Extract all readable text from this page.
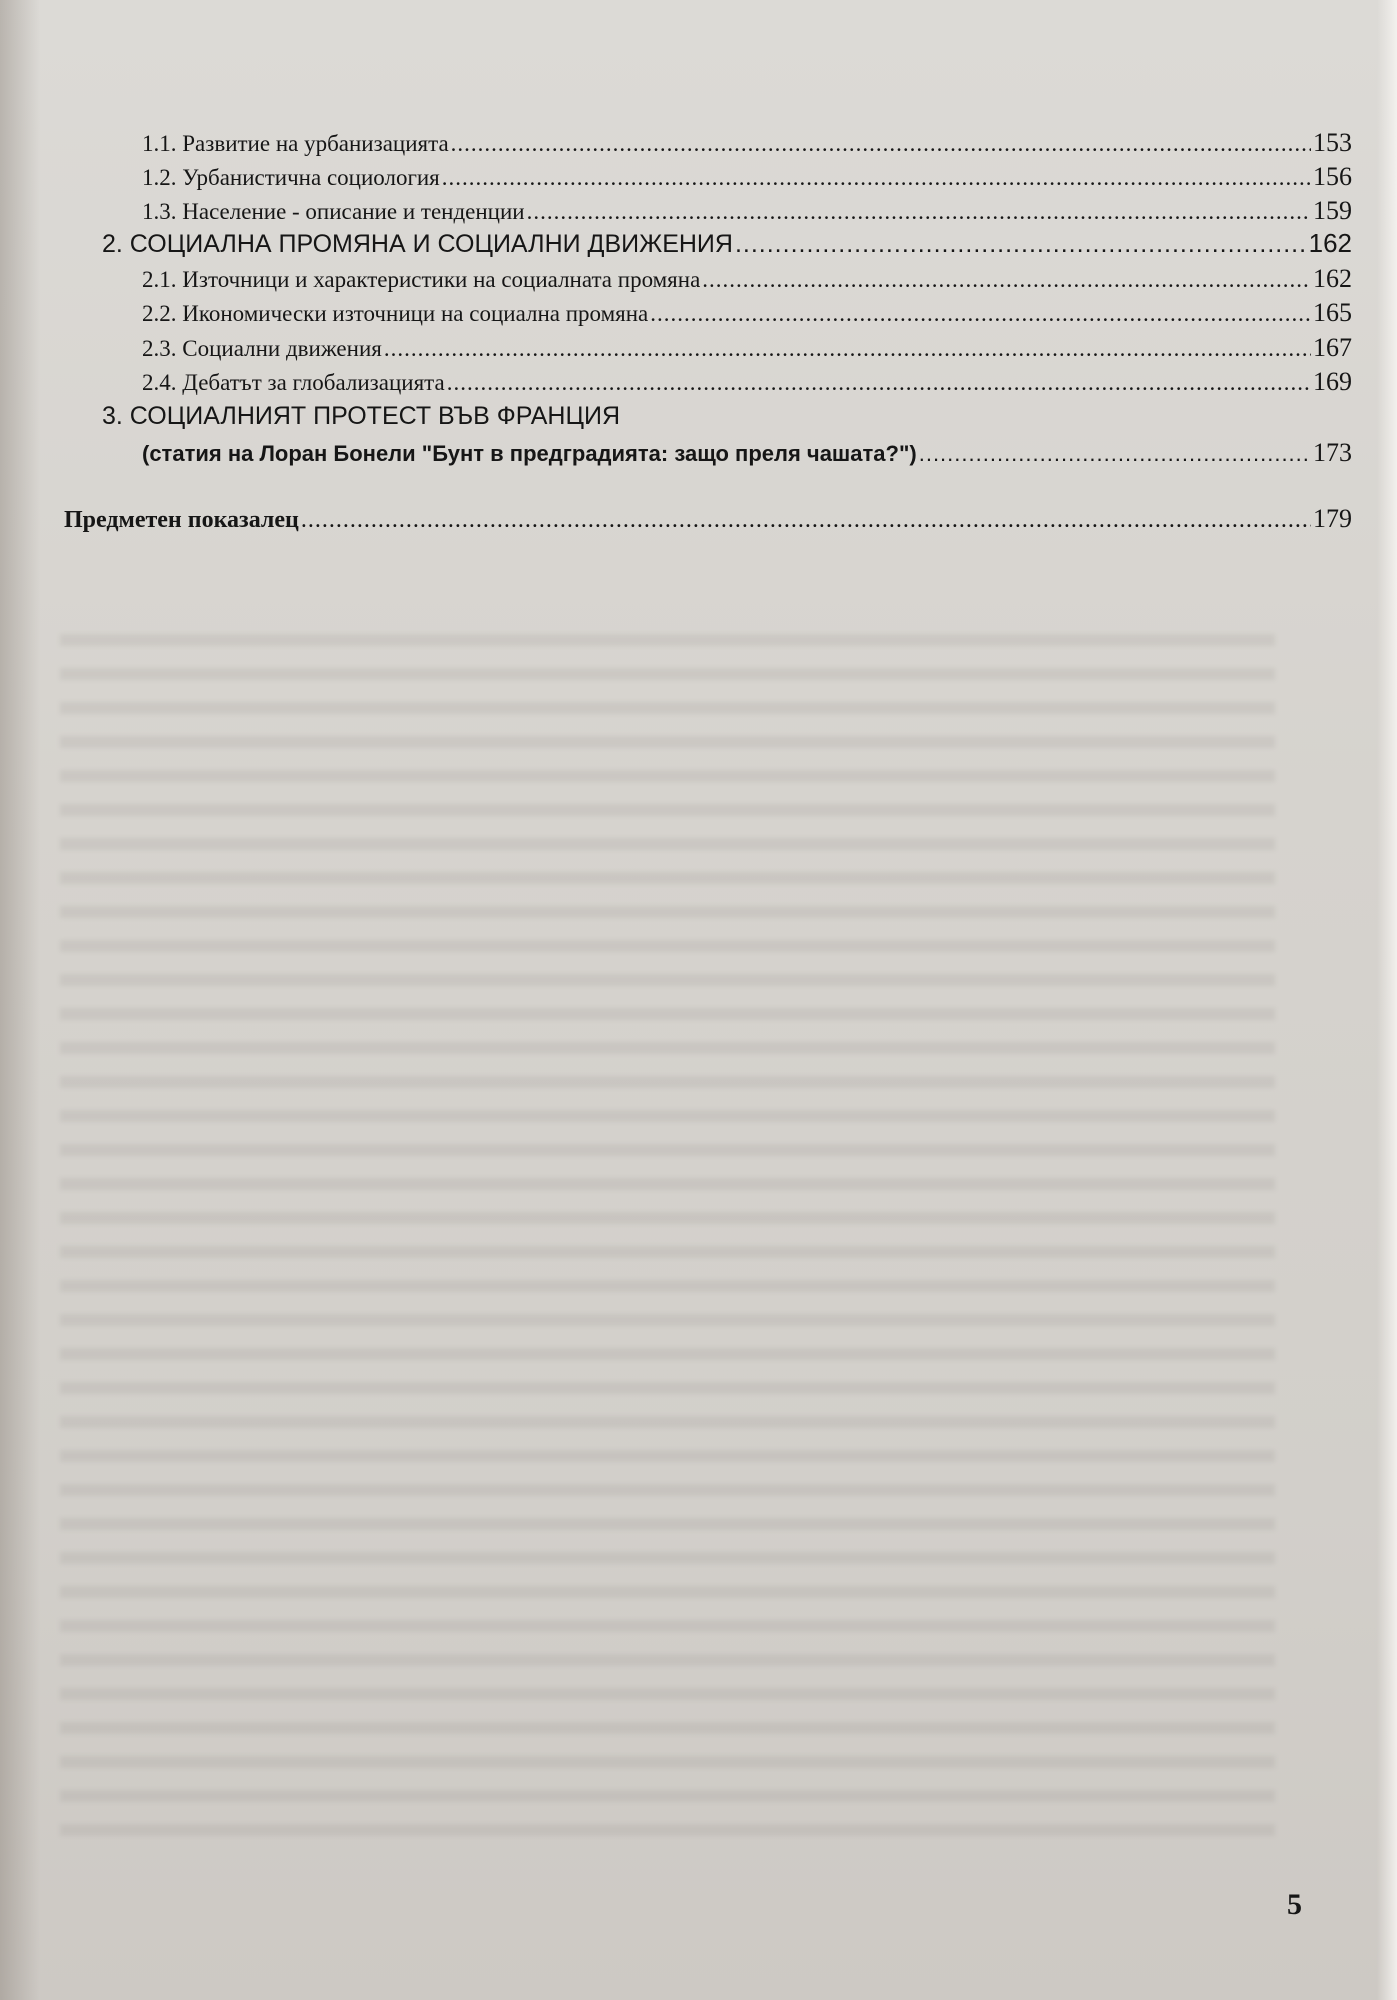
1.1. Развитие на урбанизацията .....	153
1.2. Урбанистична социология .....	156
1.3. Население - описание и тенденции .....	159
2. СОЦИАЛНА ПРОМЯНА И СОЦИАЛНИ ДВИЖЕНИЯ .....	162
2.1. Източници и характеристики на социалната промяна .....	162
2.2. Икономически източници на социална промяна .....	165
2.3. Социални движения .....	167
2.4. Дебатът за глобализацията .....	169
3. СОЦИАЛНИЯТ ПРОТЕСТ ВЪВ ФРАНЦИЯ
(статия на Лоран Бонели "Бунт в предградията: защо преля чашата?") .....	173
Предметен показалец .....	179
5
